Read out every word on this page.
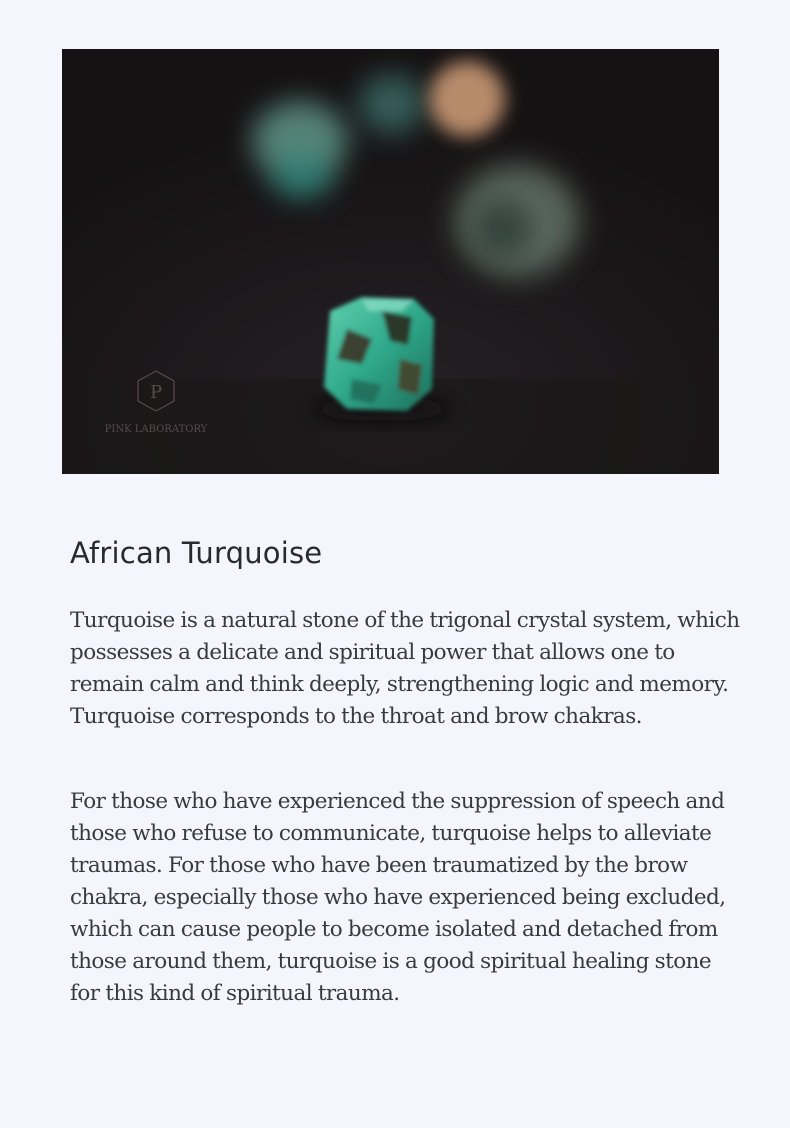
P
PINK LABORATORY
African Turquoise

Turquoise is a natural stone of the trigonal crystal system, which possesses a delicate and spiritual power that allows one to remain calm and think deeply, strengthening logic and memory. Turquoise corresponds to the throat and brow chakras.

For those who have experienced the suppression of speech and those who refuse to communicate, turquoise helps to alleviate traumas. For those who have been traumatized by the brow chakra, especially those who have experienced being excluded, which can cause people to become isolated and detached from those around them, turquoise is a good spiritual healing stone for this kind of spiritual trauma.
